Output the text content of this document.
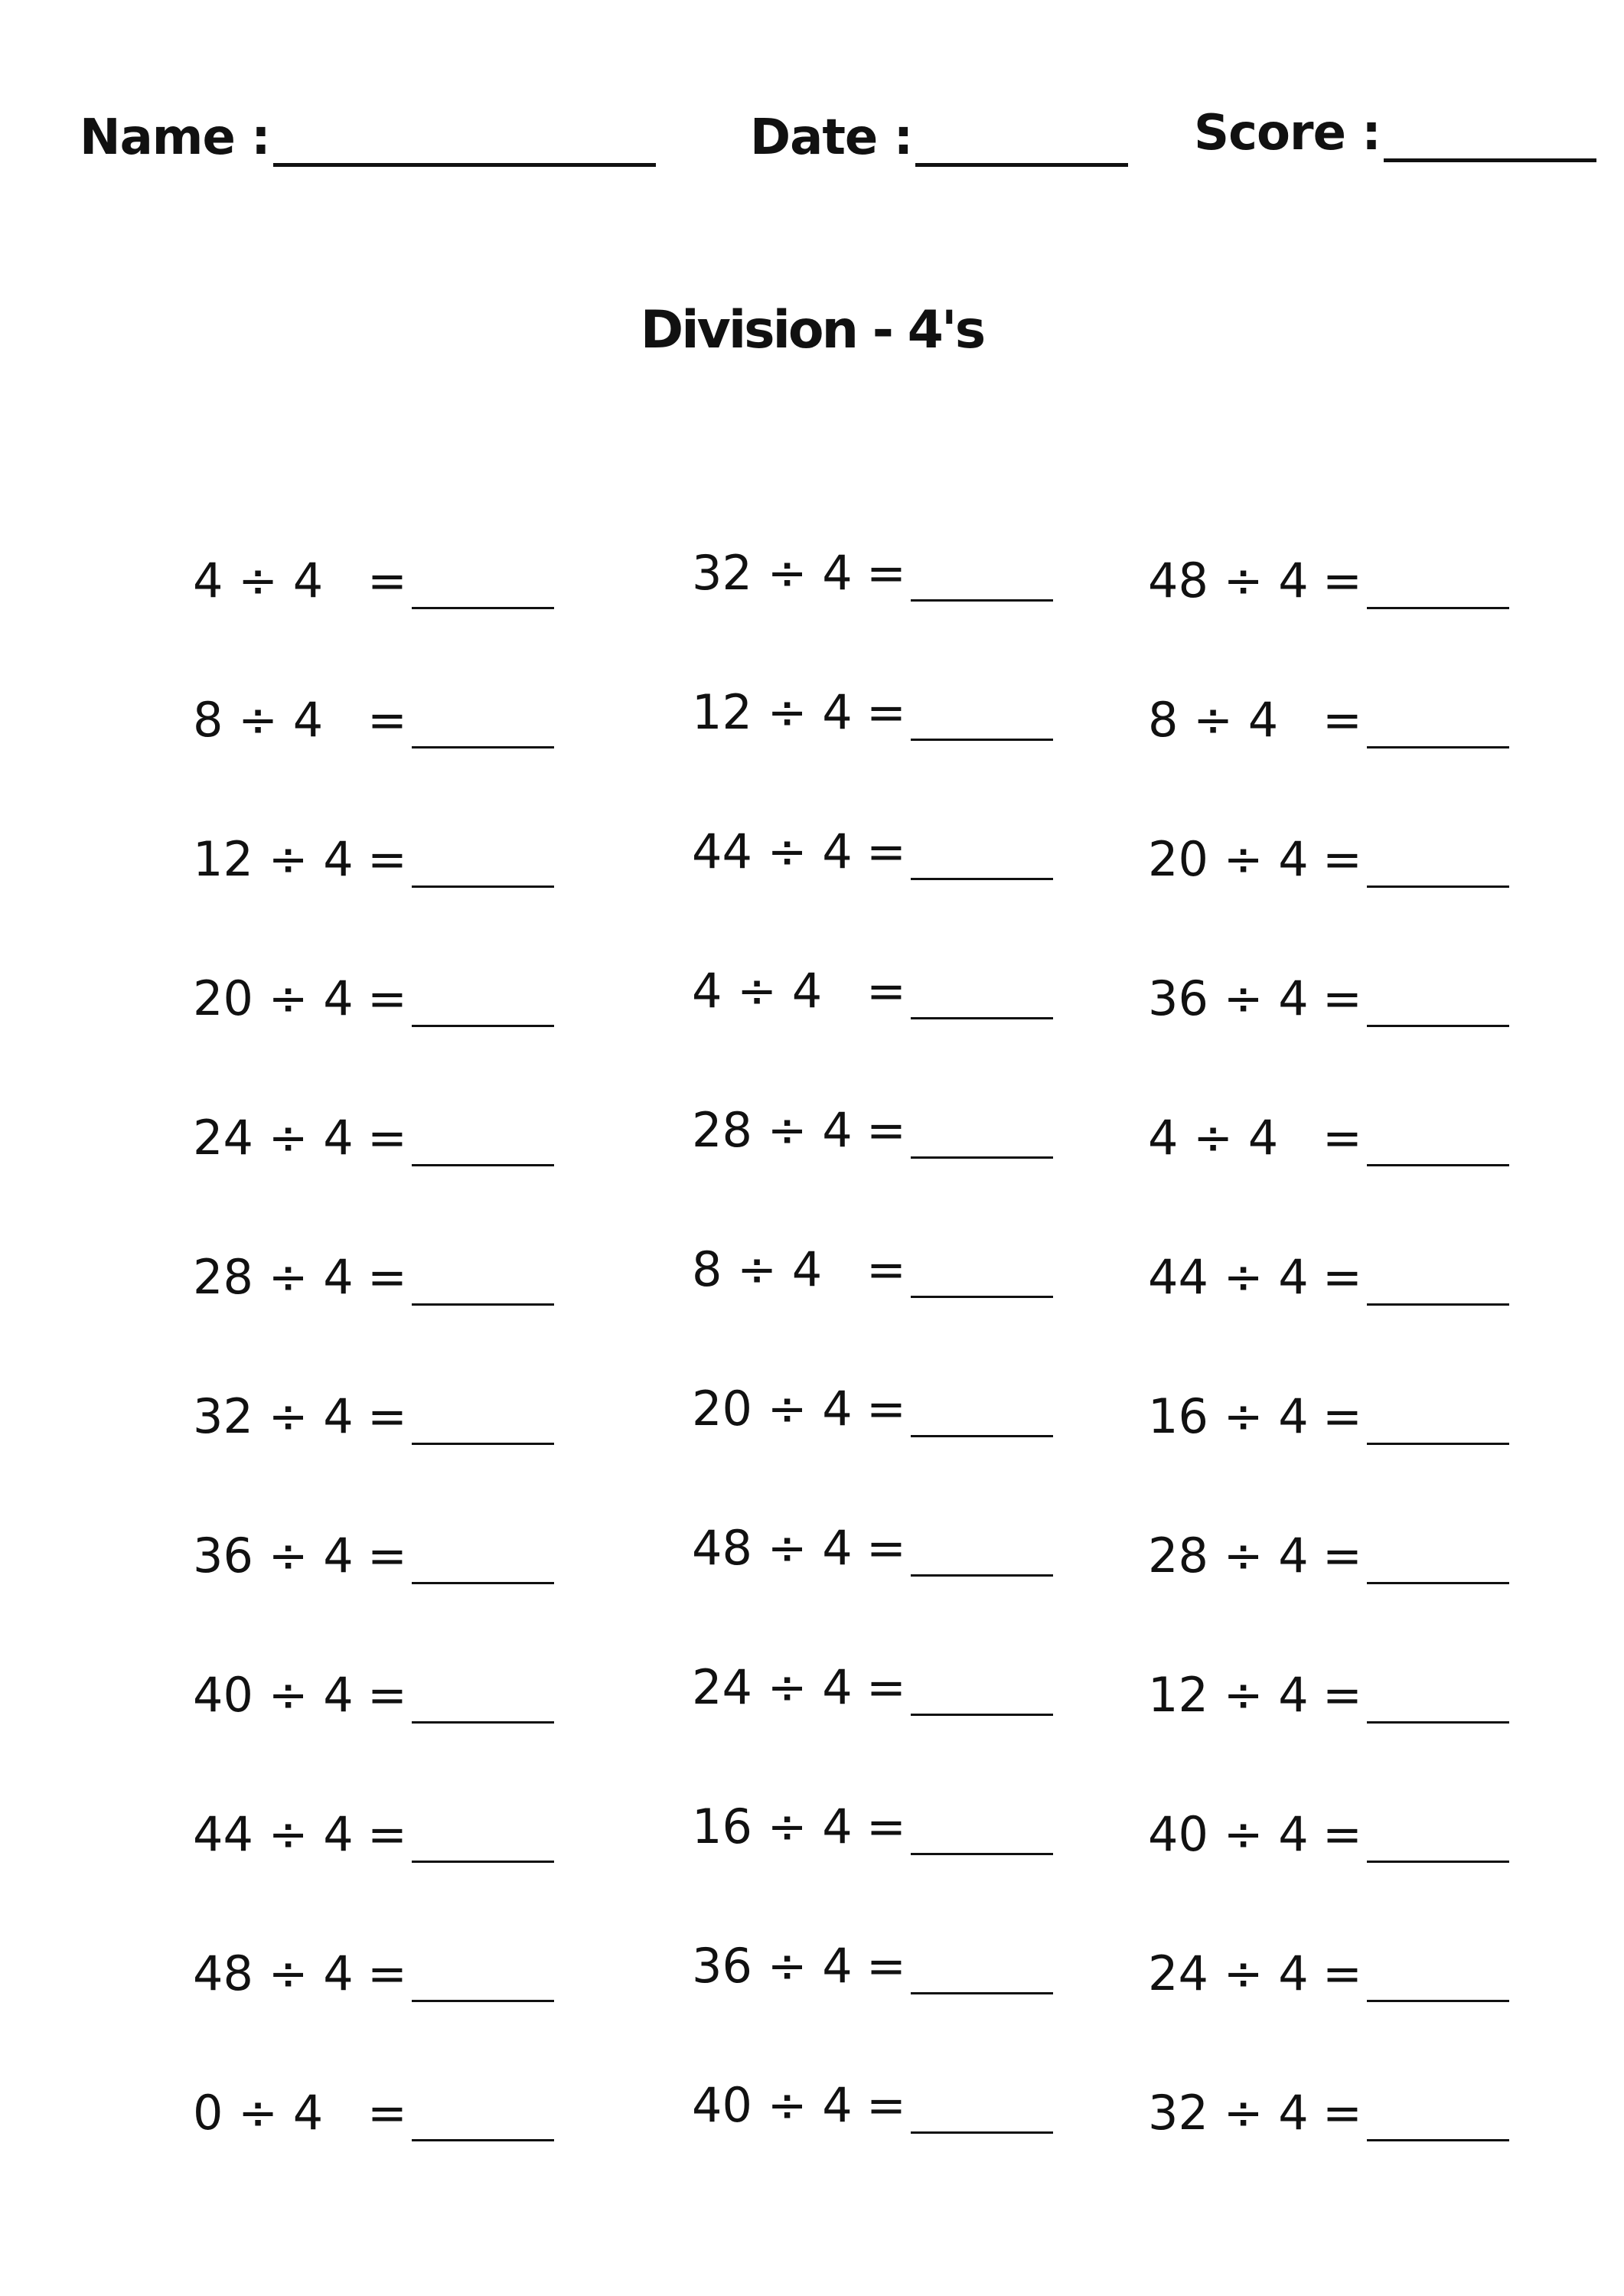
Name :	Date :	Score :
Division - 4's
4 ÷ 4 =
8 ÷ 4 =
12 ÷ 4 =
20 ÷ 4 =
24 ÷ 4 =
28 ÷ 4 =
32 ÷ 4 =
36 ÷ 4 =
40 ÷ 4 =
44 ÷ 4 =
48 ÷ 4 =
0 ÷ 4 =
32 ÷ 4 =
12 ÷ 4 =
44 ÷ 4 =
4 ÷ 4 =
28 ÷ 4 =
8 ÷ 4 =
20 ÷ 4 =
48 ÷ 4 =
24 ÷ 4 =
16 ÷ 4 =
36 ÷ 4 =
40 ÷ 4 =
48 ÷ 4 =
8 ÷ 4 =
20 ÷ 4 =
36 ÷ 4 =
4 ÷ 4 =
44 ÷ 4 =
16 ÷ 4 =
28 ÷ 4 =
12 ÷ 4 =
40 ÷ 4 =
24 ÷ 4 =
32 ÷ 4 =
